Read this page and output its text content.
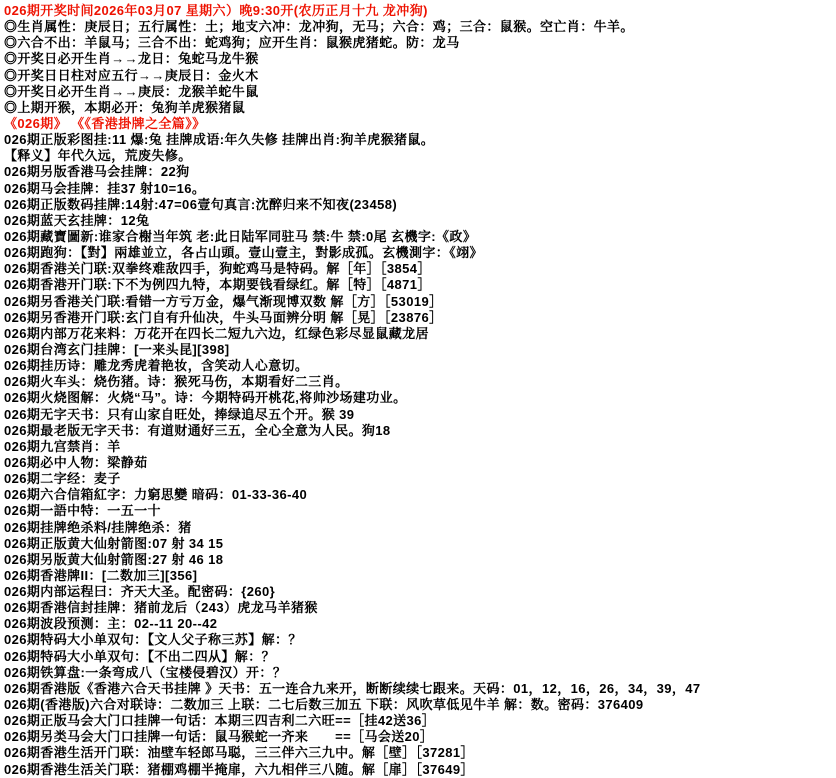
026期开奖时间2026年03月07 星期六）晚9:30开(农历正月十九 龙冲狗)
◎生肖属性：庚辰日；五行属性：土；地支六冲：龙冲狗，无马；六合：鸡；三合：鼠猴。空亡肖：牛羊。
◎六合不出：羊鼠马；三合不出：蛇鸡狗；应开生肖：鼠猴虎猪蛇。防：龙马
◎开奖日必开生肖→→龙日：兔蛇马龙牛猴
◎开奖日日柱对应五行→→庚辰日：金火木
◎开奖日必开生肖→→庚辰：龙猴羊蛇牛鼠
◎上期开猴，本期必开：兔狗羊虎猴猪鼠
《026期》 《《香港掛牌之全篇》》
026期正版彩图挂:11 爆:兔 挂牌成语:年久失修 挂牌出肖:狗羊虎猴猪鼠。
【释义】年代久远，荒废失修。
026期另版香港马会挂牌：22狗
026期马会挂牌：挂37 射10=16。
026期正版数码挂牌:14射:47=06壹句真言:沈醉归来不知夜(23458)
026期蓝天玄挂牌：12兔
026期藏寶圖新:谁家合榭当年筑 老:此日陆军同驻马 禁:牛 禁:0尾 玄機字:《政》
026期跑狗：【對】兩雄並立，各占山頭。壹山壹主，對影成孤。玄機測字：《翊》
026期香港关门联:双拳终难敌四手，狗蛇鸡马是特码。解［年］［3854］
026期香港开门联:下不为例四九特，本期要钱看绿红。解［特］［4871］
026期另香港关门联:看错一方亏万金，爆气渐现博双数 解［方］［53019］
026期另香港开门联:玄门自有升仙决，牛头马面辨分明 解［晃］［23876］
026期内部万花来料：万花开在四长二短九六边，红绿色彩尽显鼠藏龙居
026期台湾玄门挂牌：[一来头昆][398]
026期挂历诗：雕龙秀虎着艳妆，含笑动人心意切。
026期火车头：烧伤猪。诗：猴死马伤，本期看好二三肖。
026期火烧图解：火烧“马”。诗：今期特码开桃花,将帅沙场建功业。
026期无字天书：只有山家自旺处，捧绿追尽五个开。猴 39
026期最老版无字天书：有道财通好三五，全心全意为人民。狗18
026期九宫禁肖：羊
026期必中人物：梁静茹
026期二字经：麦子
026期六合信箱紅字：力窮思變 暗码：01-33-36-40
026期一語中特：一五一十
026期挂牌绝杀料/挂牌绝杀：猪
026期正版黄大仙射箭图:07 射 34 15
026期另版黄大仙射箭图:27 射 46 18
026期香港牌II：[二数加三][356]
026期内部运程曰：齐天大圣。配密码：{260}
026期香港信封挂牌：猪前龙后（243）虎龙马羊猪猴
026期波段预测：主：02--11 20--42
026期特码大小单双句：【文人父子称三苏】解：？
026期特码大小单双句：【不出二四从】解：？
026期铁算盘:一条弯成八（宝楼侵碧汉）开：？
026期香港版《香港六合天书挂牌 》天书：五一连合九来开，断断续续七跟来。天码：01，12，16，26，34，39，47
026期(香港版)六合对联诗：二数加三 上联：二七后数三加五 下联：风吹草低见牛羊 解：数。密码：376409
026期正版马会大门口挂牌一句话：本期三四吉利二六旺==［挂42送36］
026期另类马会大门口挂牌一句话：鼠马猴蛇一齐来　　==［马会送20］
026期香港生活开门联：油壁车轻郎马聪，三三伴六三九中。解［壁］［37281］
026期香港生活关门联：猪棚鸡棚半掩扉，六九相伴三八随。解［扉］［37649］
